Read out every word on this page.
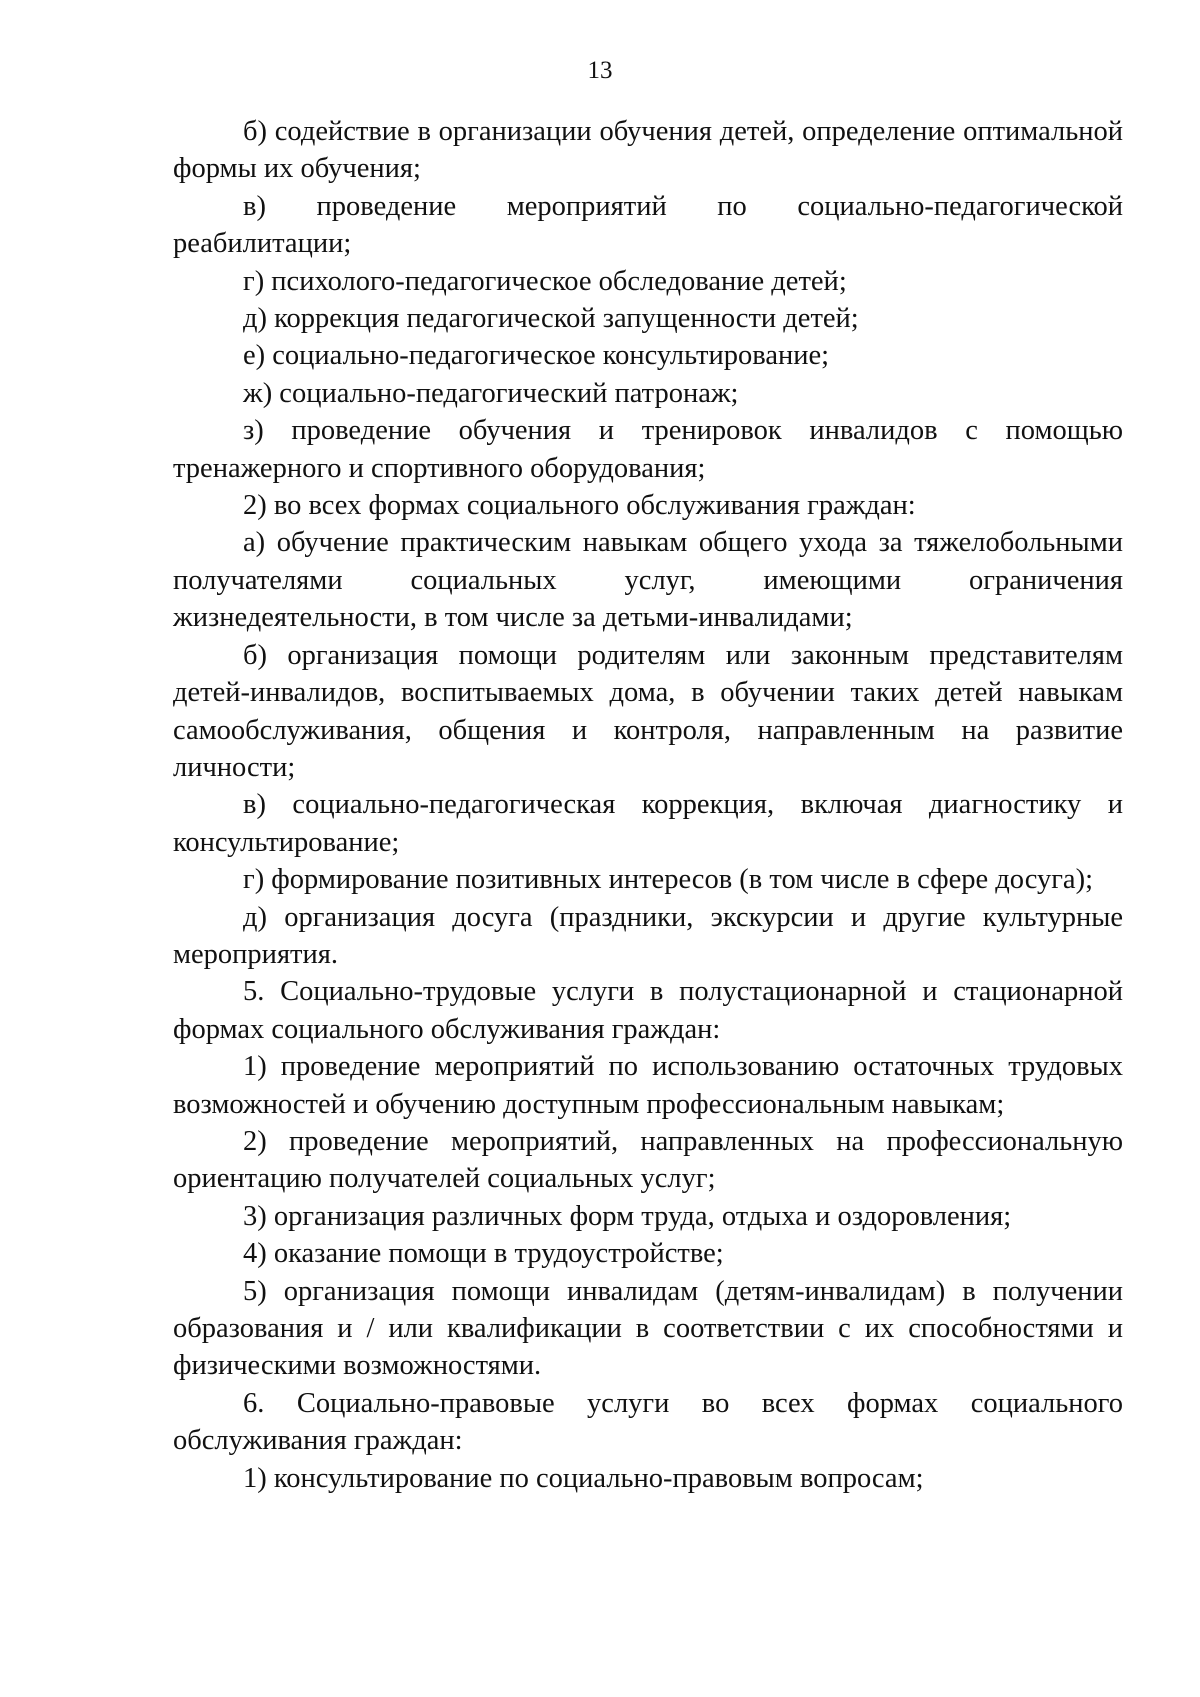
13

б) содействие в организации обучения детей, определение оптимальной формы их обучения;

в) проведение мероприятий по социально-педагогической реабилитации;

г) психолого-педагогическое обследование детей;

д) коррекция педагогической запущенности детей;

е) социально-педагогическое консультирование;

ж) социально-педагогический патронаж;

з) проведение обучения и тренировок инвалидов с помощью тренажерного и спортивного оборудования;

2) во всех формах социального обслуживания граждан:

а) обучение практическим навыкам общего ухода за тяжелобольными получателями социальных услуг, имеющими ограничения жизнедеятельности, в том числе за детьми-инвалидами;

б) организация помощи родителям или законным представителям детей-инвалидов, воспитываемых дома, в обучении таких детей навыкам самообслуживания, общения и контроля, направленным на развитие личности;

в) социально-педагогическая коррекция, включая диагностику и консультирование;

г) формирование позитивных интересов (в том числе в сфере досуга);

д) организация досуга (праздники, экскурсии и другие культурные мероприятия.

5. Социально-трудовые услуги в полустационарной и стационарной формах социального обслуживания граждан:

1) проведение мероприятий по использованию остаточных трудовых возможностей и обучению доступным профессиональным навыкам;

2) проведение мероприятий, направленных на профессиональную ориентацию получателей социальных услуг;

3) организация различных форм труда, отдыха и оздоровления;

4) оказание помощи в трудоустройстве;

5) организация помощи инвалидам (детям-инвалидам) в получении образования и / или квалификации в соответствии с их способностями и физическими возможностями.

6. Социально-правовые услуги во всех формах социального обслуживания граждан:

1) консультирование по социально-правовым вопросам;
